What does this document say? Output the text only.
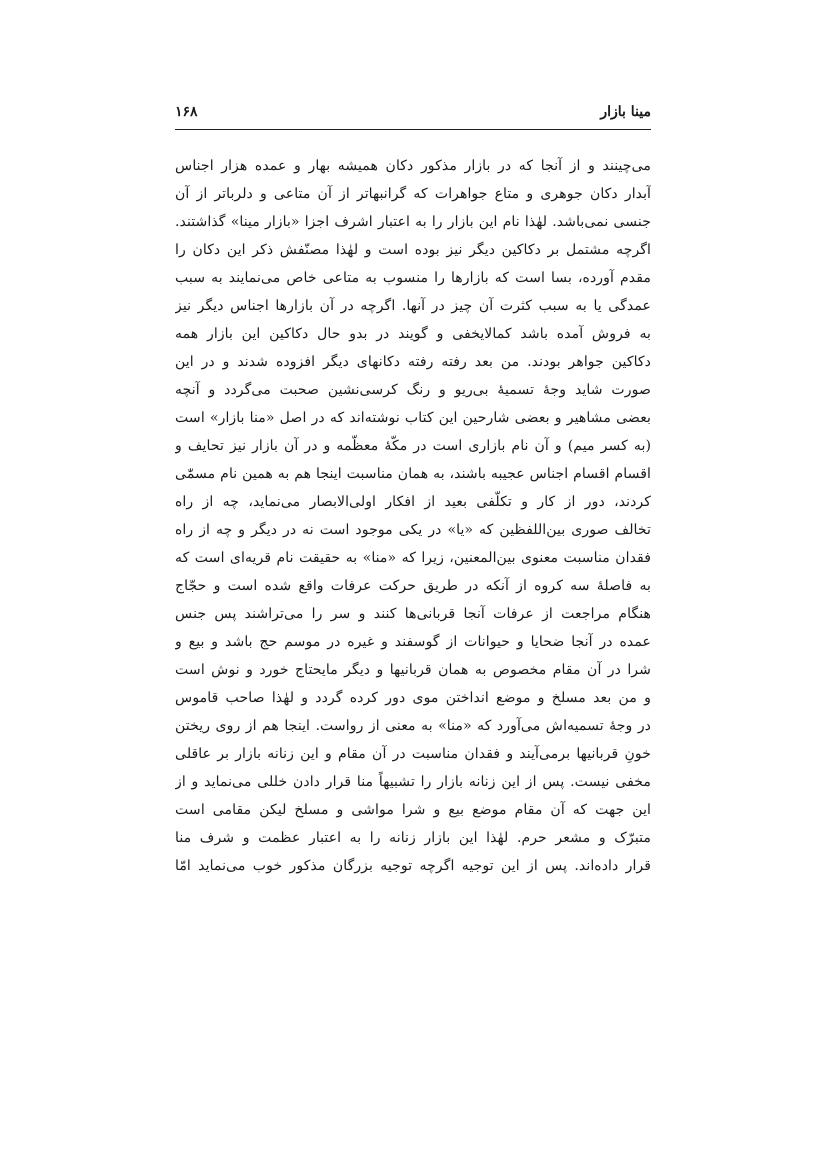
مینا بازار
۱۶۸
می‌چینند و از آنجا که در بازار مذکور دکان همیشه بهار و عمده هزار اجناس
آبدار دکان جوهری و متاع جواهرات که گرانبهاتر از آن متاعی و دلرباتر از آن
جنسی نمی‌باشد. لهٰذا نام این بازار را به اعتبار اشرف اجزا «بازار مینا» گذاشتند.
اگرچه مشتمل بر دکاکین دیگر نیز بوده است و لهٰذا مصنّفش ذکر این دکان را
مقدم آورده، بسا است که بازارها را منسوب به متاعی خاص می‌نمایند به سبب
عمدگی یا به سبب کثرت آن چیز در آنها. اگرچه در آن بازارها اجناس دیگر نیز
به فروش آمده باشد کمالایخفی و گویند در بدو حال دکاکین این بازار همه
دکاکین جواهر بودند. من بعد رفته رفته دکانهای دیگر افزوده شدند و در این
صورت شاید وجهٔ تسمیهٔ بی‌ریو و رنگ کرسی‌نشین صحبت می‌گردد و آنچه
بعضی مشاهیر و بعضی شارحین این کتاب نوشته‌اند که در اصل «منا بازار» است
(به کسر میم) و آن نام بازاری است در مکّهٔ معظّمه و در آن بازار نیز تحایف و
اقسام اقسام اجناس عجیبه باشند، به همان مناسبت اینجا هم به همین نام مسمّٰی
کردند، دور از کار و تکلّفی بعید از افکار اولی‌الابصار می‌نماید، چه از راه
تخالف صوری بین‌اللفظین که «یا» در یکی موجود است نه در دیگر و چه از راه
فقدان مناسبت معنوی بین‌المعنین، زیرا که «منا» به حقیقت نام قریه‌ای است که
به فاصلهٔ سه کروه از آنکه در طریق حرکت عرفات واقع شده است و حجّاج
هنگام مراجعت از عرفات آنجا قربانی‌ها کنند و سر را می‌تراشند پس جنس
عمده در آنجا ضحایا و حیوانات از گوسفند و غیره در موسم حج باشد و بیع و
شرا در آن مقام مخصوص به همان قربانیها و دیگر مایحتاج خورد و نوش است
و من بعد مسلخ و موضع انداختن موی دور کرده گردد و لهٰذا صاحب قاموس
در وجهٔ تسمیه‌اش می‌آورد که «منا» به معنی از رواست. اینجا هم از روی ریختن
خونِ قربانیها برمی‌آیند و فقدان مناسبت در آن مقام و این زنانه بازار بر عاقلی
مخفی نیست. پس از این زنانه بازار را تشبیهاً منا قرار دادن خللی می‌نماید و از
این جهت که آن مقام موضع بیع و شرا مواشی و مسلخ لیکن مقامی است
متبرّک و مشعر حرم. لهٰذا این بازار زنانه را به اعتبار عظمت و شرف منا
قرار داده‌اند. پس از این توجیه اگرچه توجیه بزرگان مذکور خوب می‌نماید امّا
